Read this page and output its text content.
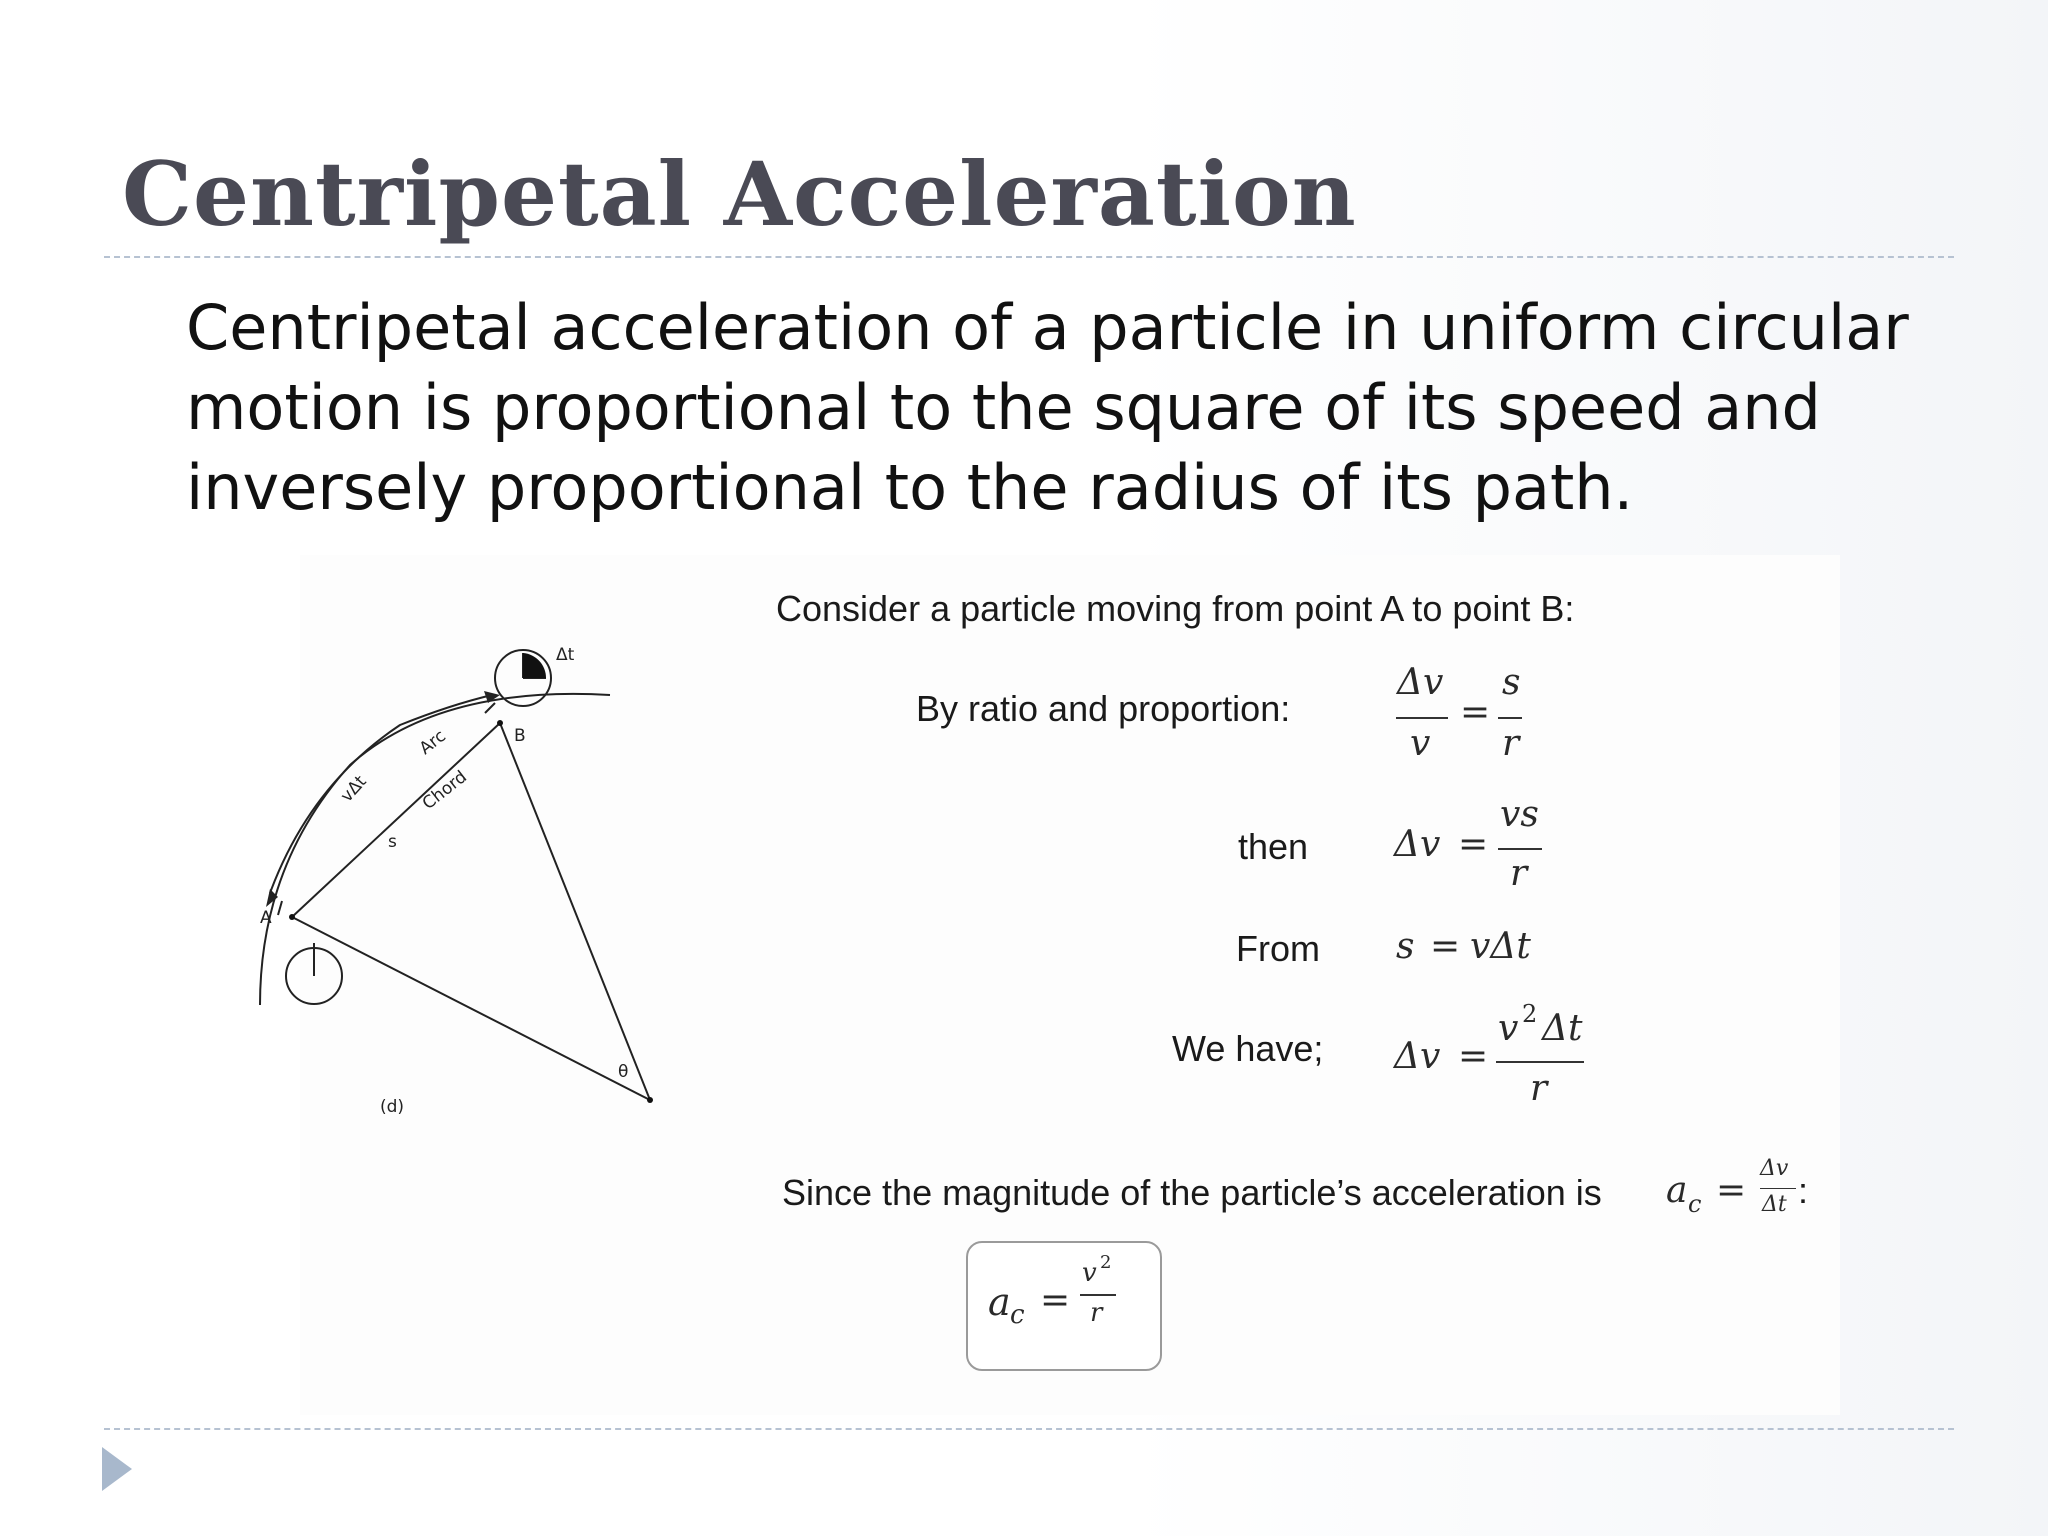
Centripetal Acceleration
Centripetal acceleration of a particle in uniform circular motion is proportional to the square of its speed and inversely proportional to the radius of its path.
Δt
B
Arc
Chord
vΔt
s
A
θ
(d)
Consider a particle moving from point A to point B:
By ratio and proportion:
Δv
v
=
s
r
then Δv =
vs
r
From s = vΔt
We have; Δv =
v 2 Δt
r
Since the magnitude of the particle’s acceleration is a c =
Δv
Δt :
a c =
v 2
r
